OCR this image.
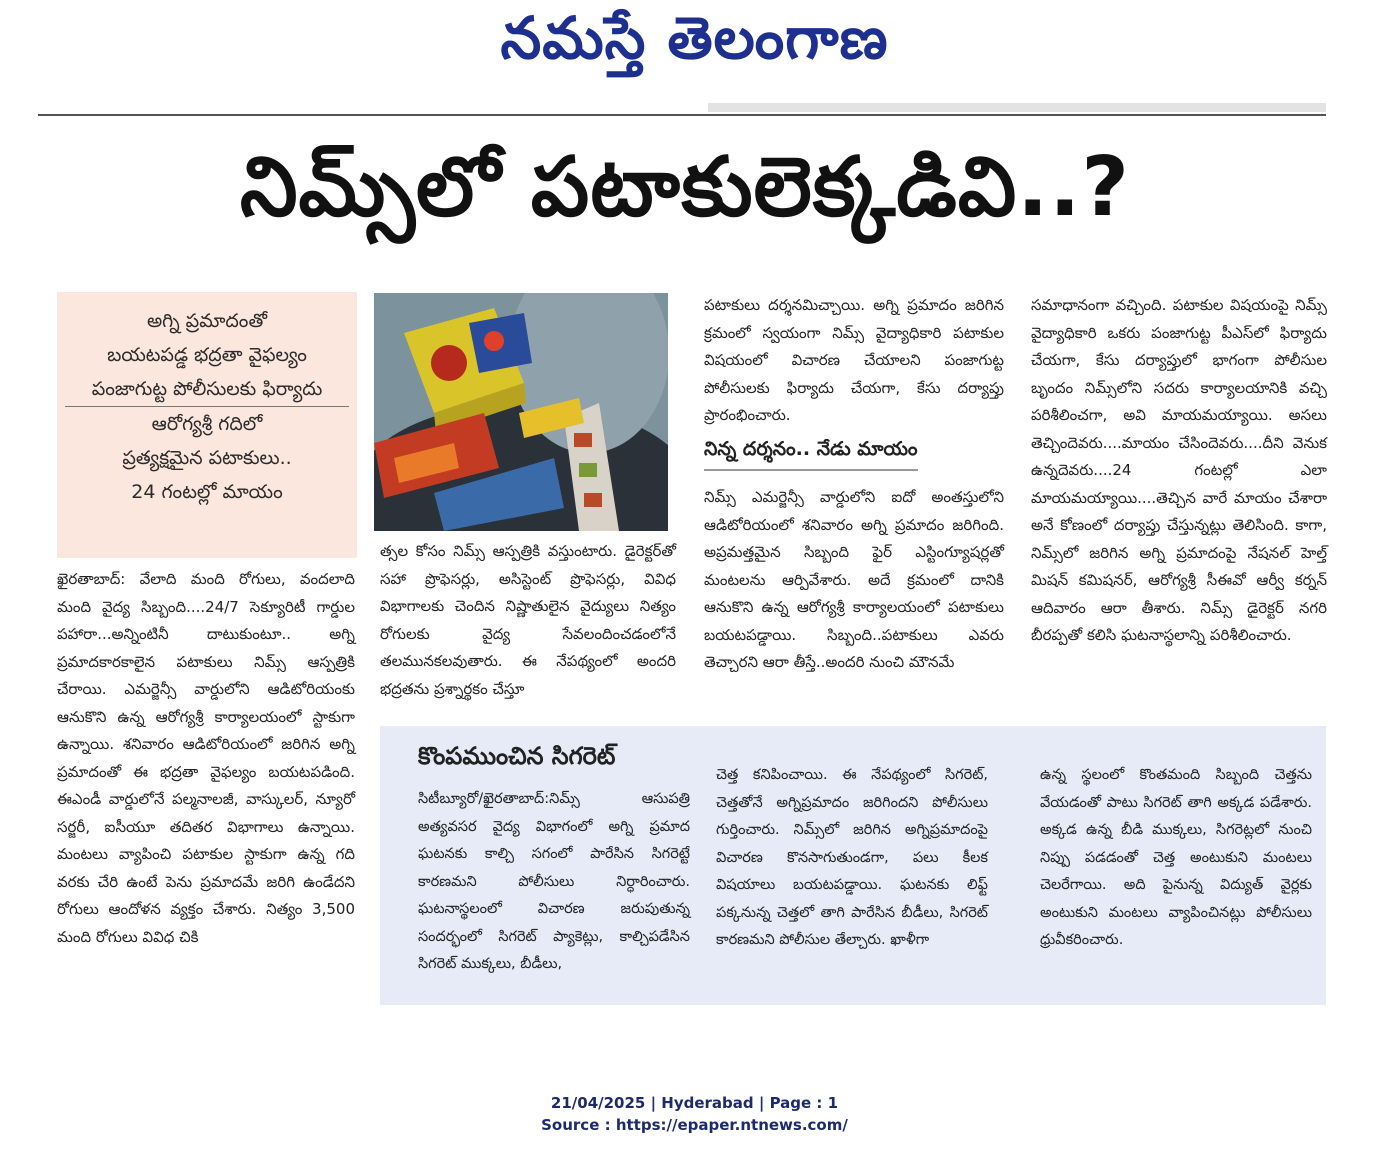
నమస్తే తెలంగాణ
నిమ్స్‌లో పటాకులెక్కడివి..?
అగ్ని ప్రమాదంతో
బయటపడ్డ భద్రతా వైఫల్యం
పంజాగుట్ట పోలీసులకు ఫిర్యాదు
ఆరోగ్యశ్రీ గదిలో
ప్రత్యక్షమైన పటాకులు..
24 గంటల్లో మాయం

ఖైరతాబాద్‌: వేలాది మంది రోగులు, వందలాది మంది వైద్య సిబ్బంది....24/7 సెక్యూరిటీ గార్డుల పహారా...అన్నింటినీ దాటుకుంటూ.. అగ్ని ప్రమాదకారకాలైన పటాకులు నిమ్స్‌ ఆస్పత్రికి చేరాయి. ఎమర్జెన్సీ వార్డులోని ఆడిటోరియంకు ఆనుకొని ఉన్న ఆరోగ్యశ్రీ కార్యాలయంలో స్టాకుగా ఉన్నాయి. శనివారం ఆడిటోరియంలో జరిగిన అగ్ని ప్రమాదంతో ఈ భద్రతా వైఫల్యం బయటపడింది. ఈఎండీ వార్డులోనే పల్మనాలజీ, వాస్కులర్‌, న్యూరో సర్జరీ, ఐసీయూ తదితర విభాగాలు ఉన్నాయి. మంటలు వ్యాపించి పటాకుల స్టాకుగా ఉన్న గది వరకు చేరి ఉంటే పెను ప్రమాదమే జరిగి ఉండేదని రోగులు ఆందోళన వ్యక్తం చేశారు. నిత్యం 3,500 మంది రోగులు వివిధ చికి

త్సల కోసం నిమ్స్‌ ఆస్పత్రికి వస్తుంటారు. డైరెక్టర్‌తో సహా ప్రొఫెసర్లు, అసిస్టెంట్‌ ప్రొఫెసర్లు, వివిధ విభాగాలకు చెందిన నిష్ణాతులైన వైద్యులు నిత్యం రోగులకు వైద్య సేవలందించడంలోనే తలమునకలవుతారు. ఈ నేపథ్యంలో అందరి భద్రతను ప్రశ్నార్థకం చేస్తూ

పటాకులు దర్శనమిచ్చాయి. అగ్ని ప్రమాదం జరిగిన క్రమంలో స్వయంగా నిమ్స్‌ వైద్యాధికారి పటాకుల విషయంలో విచారణ చేయాలని పంజాగుట్ట పోలీసులకు ఫిర్యాదు చేయగా, కేసు దర్యాప్తు ప్రారంభించారు.

నిన్న దర్శనం.. నేడు మాయం

నిమ్స్‌ ఎమర్జెన్సీ వార్డులోని ఐదో అంతస్తులోని ఆడిటోరియంలో శనివారం అగ్ని ప్రమాదం జరిగింది. అప్రమత్తమైన సిబ్బంది ఫైర్‌ ఎస్టింగ్యూషర్లతో మంటలను ఆర్పివేశారు. అదే క్రమంలో దానికి ఆనుకొని ఉన్న ఆరోగ్యశ్రీ కార్యాలయంలో పటాకులు బయటపడ్డాయి. సిబ్బంది..పటాకులు ఎవరు తెచ్చారని ఆరా తీస్తే..అందరి నుంచి మౌనమే

సమాధానంగా వచ్చింది. పటాకుల విషయంపై నిమ్స్‌ వైద్యాధికారి ఒకరు పంజాగుట్ట పీఎస్‌లో ఫిర్యాదు చేయగా, కేసు దర్యాప్తులో భాగంగా పోలీసుల బృందం నిమ్స్‌లోని సదరు కార్యాలయానికి వచ్చి పరిశీలించగా, అవి మాయమయ్యాయి. అసలు తెచ్చిందెవరు....మాయం చేసిందెవరు....దీని వెనుక ఉన్నదెవరు....24 గంటల్లో ఎలా మాయమయ్యాయి....తెచ్చిన వారే మాయం చేశారా అనే కోణంలో దర్యాప్తు చేస్తున్నట్లు తెలిసింది. కాగా, నిమ్స్‌లో జరిగిన అగ్ని ప్రమాదంపై నేషనల్‌ హెల్త్‌ మిషన్‌ కమిషనర్‌, ఆరోగ్యశ్రీ సీఈవో ఆర్వీ కర్నన్‌ ఆదివారం ఆరా తీశారు. నిమ్స్‌ డైరెక్టర్‌ నగరి బీరప్పతో కలిసి ఘటనాస్థలాన్ని పరిశీలించారు.

కొంపముంచిన సిగరెట్‌

సిటీబ్యూరో/ఖైరతాబాద్‌:నిమ్స్‌ ఆసుపత్రి అత్యవసర వైద్య విభాగంలో అగ్ని ప్రమాద ఘటనకు కాల్చి సగంలో పారేసిన సిగరెట్టే కారణమని పోలీసులు నిర్ధారించారు. ఘటనాస్థలంలో విచారణ జరుపుతున్న సందర్భంలో సిగరెట్‌ ప్యాకెట్లు, కాల్చిపడేసిన సిగరెట్‌ ముక్కలు, బీడీలు,

చెత్త కనిపించాయి. ఈ నేపథ్యంలో సిగరెట్‌, చెత్తతోనే అగ్నిప్రమాదం జరిగిందని పోలీసులు గుర్తించారు. నిమ్స్‌లో జరిగిన అగ్నిప్రమాదంపై విచారణ కొనసాగుతుండగా, పలు కీలక విషయాలు బయటపడ్డాయి. ఘటనకు లిఫ్ట్‌ పక్కనున్న చెత్తలో తాగి పారేసిన బీడీలు, సిగరెట్‌ కారణమని పోలీసుల తేల్చారు. ఖాళీగా

ఉన్న స్థలంలో కొంతమంది సిబ్బంది చెత్తను వేయడంతో పాటు సిగరెట్‌ తాగి అక్కడ పడేశారు. అక్కడ ఉన్న బీడి ముక్కలు, సిగరెట్లలో నుంచి నిప్పు పడడంతో చెత్త అంటుకుని మంటలు చెలరేగాయి. అది పైనున్న విద్యుత్‌ వైర్లకు అంటుకుని మంటలు వ్యాపించినట్లు పోలీసులు ధ్రువీకరించారు.

21/04/2025 | Hyderabad | Page : 1
Source : https://epaper.ntnews.com/
